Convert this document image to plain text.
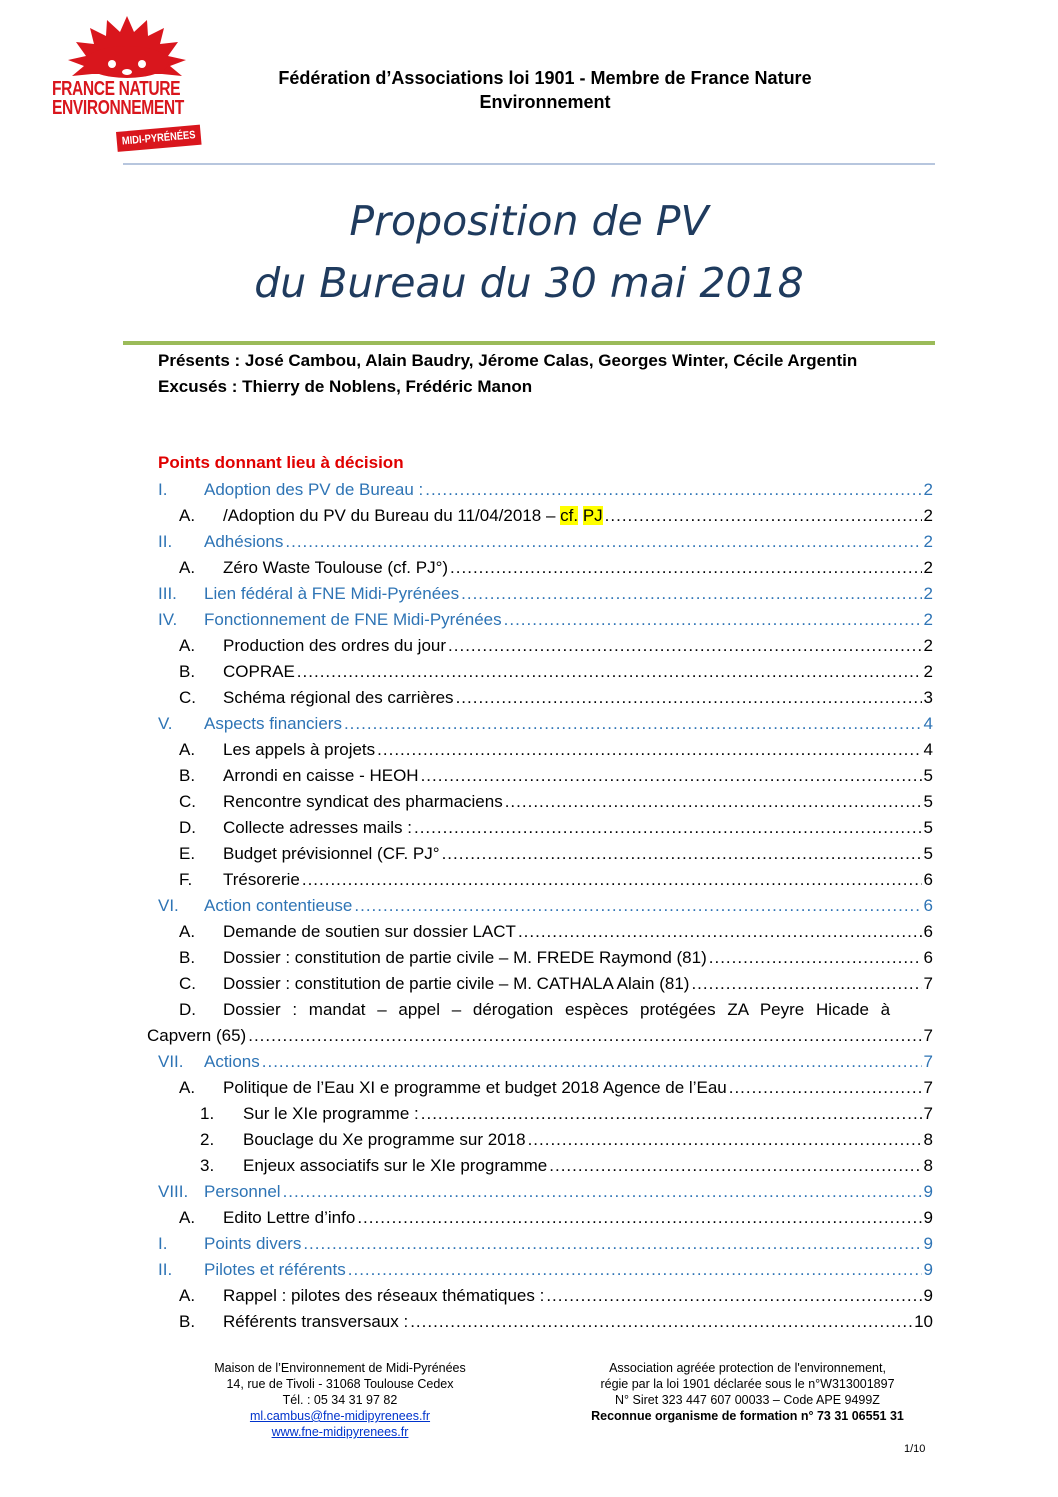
FRANCE NATURE
ENVIRONNEMENT
MIDI-PYRÉNÉES
Fédération d’Associations loi 1901 - Membre de France Nature
Environnement
Proposition de PV
du Bureau du 30 mai 2018
Présents : José Cambou, Alain Baudry, Jérome Calas, Georges Winter, Cécile Argentin
Excusés : Thierry de Noblens, Frédéric Manon
Points donnant lieu à décision
I.	Adoption des PV de Bureau : .....	2
A.	/Adoption du PV du Bureau du 11/04/2018 – cf. PJ .....	2
II.	Adhésions .....	2
A.	Zéro Waste Toulouse (cf. PJ°) .....	2
III.	Lien fédéral à FNE Midi-Pyrénées .....	2
IV.	Fonctionnement de FNE Midi-Pyrénées .....	2
A.	Production des ordres du jour .....	2
B.	COPRAE .....	2
C.	Schéma régional des carrières .....	3
V.	Aspects financiers .....	4
A.	Les appels à projets .....	4
B.	Arrondi en caisse - HEOH .....	5
C.	Rencontre syndicat des pharmaciens .....	5
D.	Collecte adresses mails : .....	5
E.	Budget prévisionnel (CF. PJ° .....	5
F.	Trésorerie .....	6
VI.	Action contentieuse .....	6
A.	Demande de soutien sur dossier LACT .....	6
B.	Dossier : constitution de partie civile – M. FREDE Raymond (81) .....	6
C.	Dossier : constitution de partie civile – M. CATHALA Alain (81) .....	7
D. Dossier : mandat – appel – dérogation espèces protégées ZA Peyre Hicade à
Capvern (65) .....	7
VII.	Actions .....	7
A.	Politique de l’Eau XI e programme et budget 2018 Agence de l’Eau .....	7
1.	Sur le XIe programme : .....	7
2.	Bouclage du Xe programme sur 2018 .....	8
3.	Enjeux associatifs sur le XIe programme .....	8
VIII. Personnel .....	9
A.	Edito Lettre d’info .....	9
I.	Points divers .....	9
II.	Pilotes et référents .....	9
A.	Rappel : pilotes des réseaux thématiques : .....	9
B.	Référents transversaux : .....	10
Maison de l’Environnement de Midi-Pyrénées
14, rue de Tivoli - 31068 Toulouse Cedex
Tél. : 05 34 31 97 82
ml.cambus@fne-midipyrenees.fr
www.fne-midipyrenees.fr
Association agréée protection de l'environnement,
régie par la loi 1901 déclarée sous le n°W313001897
N° Siret 323 447 607 00033 – Code APE 9499Z
Reconnue organisme de formation n° 73 31 06551 31
1/10
